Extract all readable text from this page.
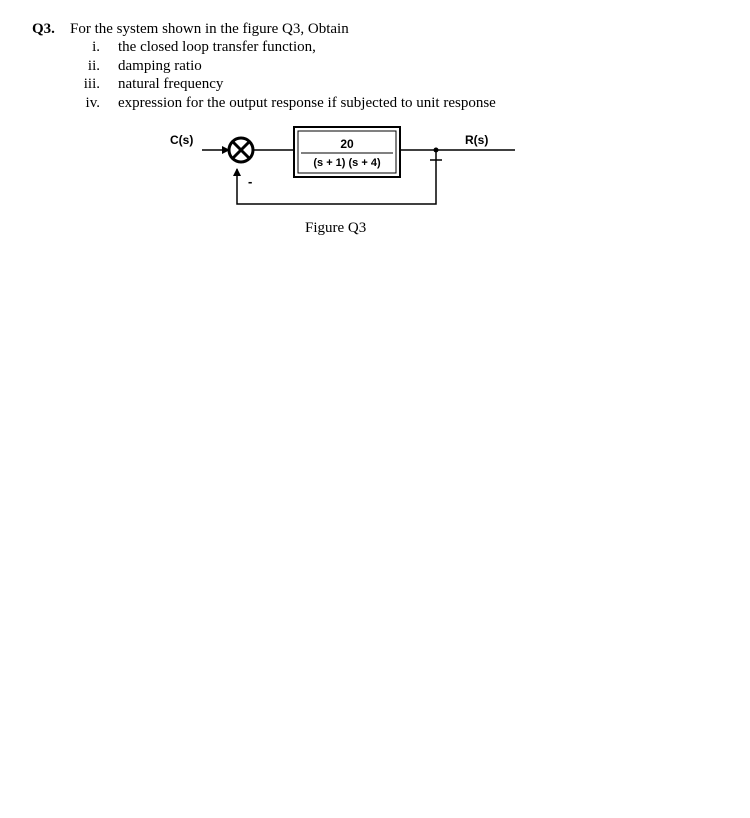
Q3. For the system shown in the figure Q3, Obtain
i. the closed loop transfer function,
ii. damping ratio
iii. natural frequency
iv. expression for the output response if subjected to unit response
C(s)	20
(s + 1) (s + 4)
R(s)
-
Figure Q3
